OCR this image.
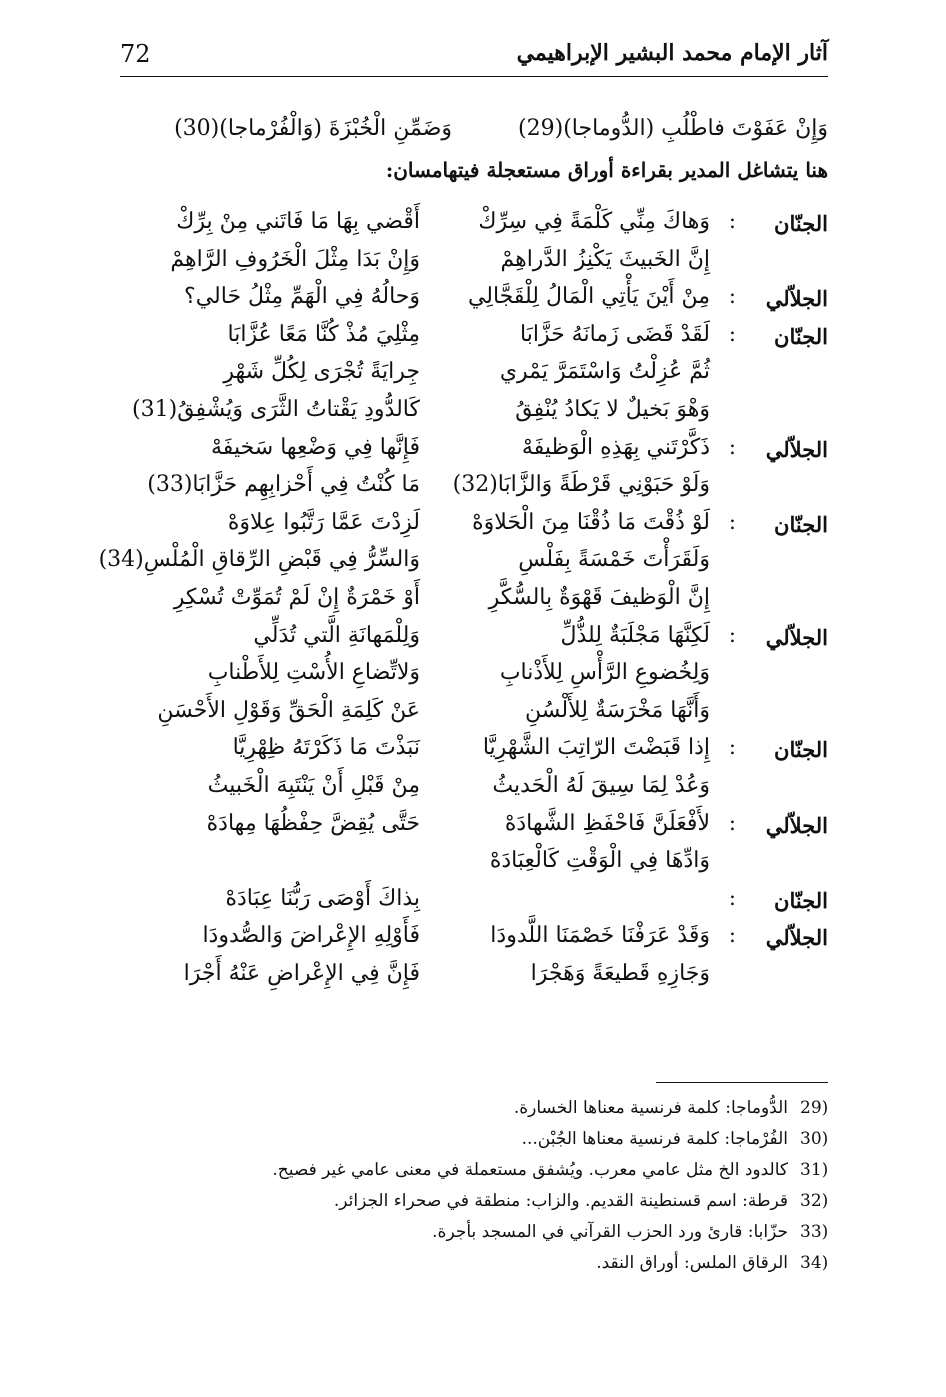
72	آثار الإمام محمد البشير الإبراهيمي
وَإِنْ عَفَوْتَ فاطْلُبِ (الدُّوماجا)(29)
وَضَمِّنِ الْخُبْزَةَ (وَالْفُرْماجا)(30)
هنا يتشاغل المدير بقراءة أوراق مستعجلة فيتهامسان:
الجنّان
:
وَهاكَ مِنِّي كَلْمَةً فِي سِرِّكْ
أَقْضي بِهَا مَا فَاتَني مِنْ بِرِّكْ
إِنَّ الخَبيثَ يَكْنِزُ الدَّراهِمْ
وَإِنْ بَدَا مِثْلَ الْخَرُوفِ الرَّاهِمْ
الجلاّلي
:
مِنْ أَيْنَ يَأْتِي الْمَالُ لِلْقَجَّالِي
وَحالُهُ فِي الْهَمِّ مِثْلُ حَالي؟
الجنّان
:
لَقَدْ قَضَى زَمانَهُ حَزَّابَا
مِثْلِيَ مُذْ كُنَّا مَعًا عُزَّابَا
ثُمَّ عُزِلْتُ وَاسْتَمَرَّ يَمْري
جِرايَةً تُجْرَى لِكُلِّ شَهْرِ
وَهْوَ بَخيلٌ لا يَكادُ يُنْفِقُ
كَالدُّودِ يَقْتاتُ الثَّرَى وَيُشْفِقُ(31)
الجلاّلي
:
ذَكَّرْتَني بِهَذِهِ الْوَظيفَهْ
فَإِنَّها فِي وَضْعِها سَخيفَهْ
وَلَوْ حَبَوْنِي قَرْطَةً وَالزَّابَا(32)
مَا كُنْتُ فِي أَحْزابِهِم حَزَّابَا(33)
الجنّان
:
لَوْ ذُقْتَ مَا ذُقْنَا مِنَ الْحَلاوَهْ
لَزِدْتَ عَمَّا رَتَّبُوا عِلاوَهْ
وَلَقَرَأْتَ خَمْسَةً بِفَلْسِ
وَالسِّرُّ فِي قَبْضِ الرِّقاقِ الْمُلْسِ(34)
إِنَّ الْوَظيفَ قَهْوَةٌ بِالسُّكَّرِ
أَوْ خَمْرَةٌ إِنْ لَمْ تُمَوِّتْ تُسْكِرِ
الجلاّلي
:
لَكِنَّهَا مَجْلَبَةٌ لِلذُّلِّ
وَلِلْمَهانَةِ الَّتي تُدَلِّي
وَلِخُضوعِ الرَّأْسِ لِلأَذْنابِ
وَلاتِّضاعِ الأُسْتِ لِلأَطْنابِ
وَأَنَّهَا مَخْرَسَةٌ لِلأَلْسُنِ
عَنْ كَلِمَةِ الْحَقِّ وَقَوْلِ الأَحْسَنِ
الجنّان
:
إِذا قَبَضْتَ الرّاتِبَ الشَّهْرِيَّا
نَبَذْتَ مَا ذَكَرْتَهُ ظِهْرِيَّا
وَعُدْ لِمَا سِيقَ لَهُ الْحَديثُ
مِنْ قَبْلِ أَنْ يَنْتَبِهَ الْخَبيثُ
الجلاّلي
:
لأَفْعَلَنَّ فَاحْفَظِ الشَّهادَهْ
حَتَّى يُقِضَّ حِفْظُهَا مِهادَهْ
وَادِّهَا فِي الْوَقْتِ كَالْعِبَادَهْ
الجنّان
:
بِذاكَ أَوْصَى رَبُّنَا عِبَادَهْ
الجلاّلي
:
وَقَدْ عَرَفْنَا خَصْمَنَا اللَّدودَا
فَأَوْلِهِ الإِعْراضَ وَالصُّدودَا
وَجَازِهِ قَطيعَةً وَهَجْرَا
فَإِنَّ فِي الإِعْراضِ عَنْهُ أَجْرَا
29)
الدُّوماجا: كلمة فرنسية معناها الخسارة.
30)
الفُرْماجا: كلمة فرنسية معناها الجُبْن...
31)
كالدود الخ مثل عامي معرب. ويُشفق مستعملة في معنى عامي غير فصيح.
32)
قرطة: اسم قسنطينة القديم. والزاب: منطقة في صحراء الجزائر.
33)
حزّابا: قارئ ورد الحزب القرآني في المسجد بأجرة.
34)
الرقاق الملس: أوراق النقد.
